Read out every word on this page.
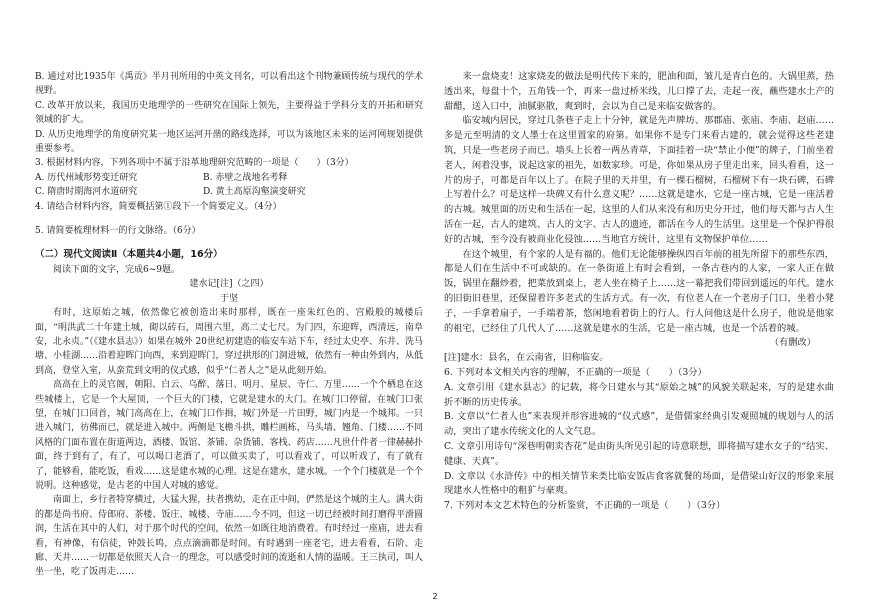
B. 通过对比1935年《禹贡》半月刊所用的中英文刊名，可以看出这个刊物兼顾传统与现代的学术视野。

C. 改革开放以来，我国历史地理学的一些研究在国际上领先，主要得益于学科分支的开拓和研究领域的扩大。

D. 从历史地理学的角度研究某一地区运河开凿的路线选择，可以为该地区未来的运河网规划提供重要参考。

3. 根据材料内容，下列各项中不属于沿革地理研究范畴的一项是（　　）（3分）

A. 历代州域形势变迁研究	B. 赤壁之战地名考释
C. 隋唐时期海河水道研究	D. 黄土高原沟壑演变研究

4. 请结合材料内容，简要概括第①段下一个简要定义。（4分）

5. 请简要梳理材料一的行文脉络。（6分）

（二）现代文阅读Ⅱ（本题共4小题，16分）

阅读下面的文字，完成6~9题。

建水记[注]（之四）

于坚

有时，这原始之城，依然像它被创造出来时那样，既在一座朱红色的、宫殿般的城楼后面，“明洪武二十年建土城，砌以砖石，周围六里，高二丈七尺。为门四，东迎晖，西清远，南阜安，北永贞。”（《建水县志》）如果在城外 20世纪初建造的临安车站下车，经过太史亭、东井、洗马塘、小桂湖……沿着迎晖门向西，来到迎晖门，穿过拱形的门洞进城，依然有一种由外到内，从低到高，登堂入室，从蛮荒到文明的仪式感，似乎“仁者人之”是从此刻开始。

高高在上的灵官阁，朝阳、白云、乌醉、落日、明月、星辰、寺仁、万里……一个个栖息在这些城楼上，它是一个大屋顶，一个巨大的门楼，它就是建水的大门。在城门口停留，在城门口张望，在城门口回首，城门高高在上，在城门口作揖，城门外是一片田野，城门内是一个城邦。一只进入城门，彷佛而已，就是进入城中。两侧是飞檐斗拱，雕栏画栋，马头墙、翘角、门楼……不同风格的门面布置在街道两边，酒楼、饭馆、茶铺、杂货铺、客栈、药店……凡世什件者一律赫赫扑面，终于到有了，有了，可以喝口老酒了，可以做买卖了，可以看戏了，可以听戏了，有了就有了，能够看，能吃饭，看戏……这是建水城的心理。这是在建水，建水城。一个个门楼就是一个个说明。这种感觉，是古老的中国人对城的感觉。

南面上，乡行者特穿横过，大猛大猩，扶者携幼，走在正中间，俨然是这个城的主人。满大街的都是尚书府、侍郎府、茶楼、饭庄、城楼、寺庙……今不同，但这一切已经被时间打磨得平滑圆润，生活在其中的人们，对于那个时代的空间，依然一如既往地消费着。有时经过一座庙，进去看看，有神像，有信徒，钟鼓长鸣，点点滴滴都是时间。有时遇到一座老宅，进去看看，石阶、走廊、天井……一切都是依照天人合一的理念，可以感受时间的流逝和人情的温暖。王三执司，叫人坐一坐，吃了饭再走……

来一盘烧麦！这家烧麦的做法是明代传下来的，肥油和面，皱儿是青白色的。大锅里蒸，热透出来，每盘十个，五角钱一个，再来一盘过桥米线，儿口撑了去，走起一夜，蘸些建水土产的甜醋，送入口中，油腻驱散，爽到时，会以为自己是来临安做客的。

临安城内居民，穿过几条巷子走上十分钟，就是先声牌坊、那郡庙、张庙、李庙、赵庙……多是元至明清的文人墨士在这里置家的府第。如果你不是专门来看古建的，就会觉得这些老建筑，只是一些老房子而已。墙头上长着一两丛青草，下面挂着一块“禁止小便”的牌子，门前坐着老人，闲着没事，说起这家的祖先，如数家珍。可是，你如果从房子里走出来，回头看看，这一片的房子，可都是百年以上了。在院子里的天井里，有一棵石榴树，石榴树下有一块石碑，石碑上写着什么？可是这样一块碑又有什么意义呢？……这就是建水，它是一座古城，它是一座活着的古城。城里面的历史和生活在一起，这里的人们从来没有和历史分开过，他们每天都与古人生活在一起，古人的建筑、古人的文字、古人的遗迹，都活在今人的生活里。这里是一个保护得很好的古城，至今没有被商业化侵蚀……当地官方统计，这里有文物保护单位……

在这个城里，有个家的人是有福的。他们无论能够操纵四百年前的祖先所留下的那些东西，都是人们在生活中不可或缺的。在一条街道上有时会看到，一条古巷内的人家，一家人正在做饭，锅里在翻炒着，把菜放到桌上，老人坐在椅子上……这一幕把我们带回到遥远的年代。建水的旧街旧巷里，还保留着许多老式的生活方式。有一次，有位老人在一个老房子门口，坐着小凳子，一手拿着扇子，一手端着茶，悠闲地看着街上的行人。行人问他这是什么房子，他说是他家的祖宅，已经住了几代人了……这就是建水的生活，它是一座古城，也是一个活着的城。

（有删改）

[注]建水：县名，在云南省，旧称临安。

6. 下列对本文相关内容的理解，不正确的一项是（　　）（3分）

A. 文章引用《建水县志》的记载，将今日建水与其“原始之城”的风貌关联起来，写的是建水曲折不断的历史传承。

B. 文章以“仁者人也”来表现并形容进城的“仪式感”，是借儒家经典引发观照城的规划与人的活动，突出了建水传统文化的人文气息。

C. 文章引用诗句“深巷明朝卖杏花”是由街头所见引起的诗意联想，即将描写建水女子的“结实、健康、天真”。

D. 文章以《水浒传》中的相关情节来类比临安饭店食客就餐的场面，是借梁山好汉的形象来展现建水人性格中的粗犷与豪爽。

7. 下列对本文艺术特色的分析鉴赏，不正确的一项是（　　）（3分）

2
